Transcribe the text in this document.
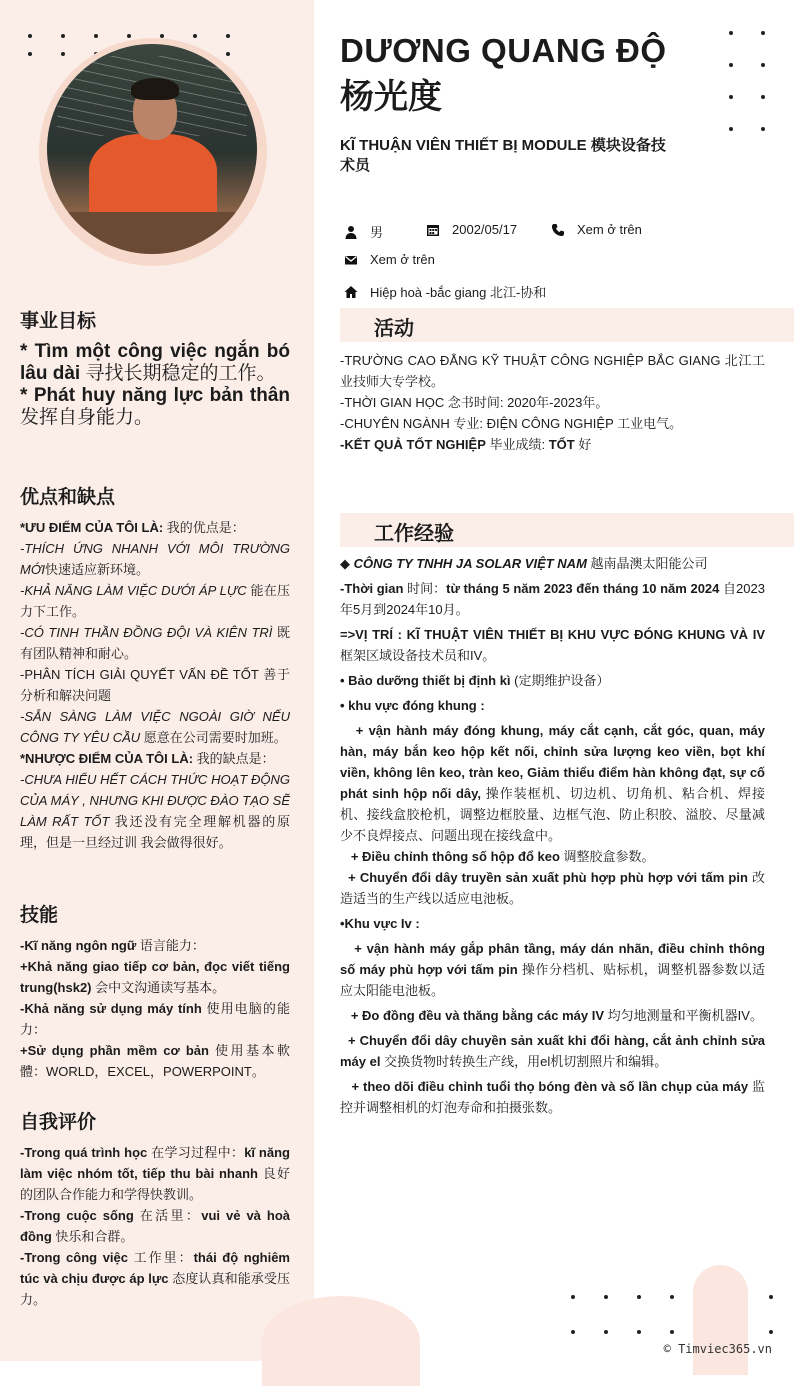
DƯƠNG QUANG ĐỘ
杨光度

KĨ THUẬN VIÊN THIẾT BỊ MODULE 模块设备技术员

男	2002/05/17	Xem ở trên
Xem ở trên
Hiệp hoà -bắc giang 北江-协和
事业目标

* Tìm một công việc ngắn bó lâu dài 寻找长期稳定的工作。

* Phát huy năng lực bản thân 发挥自身能力。

优点和缺点

*ƯU ĐIỂM CỦA TÔI LÀ: 我的优点是：

-THÍCH ỨNG NHANH VỚI MÔI TRƯỜNG MỚI快速适应新环境。

-KHẢ NĂNG LÀM VIỆC DƯỚI ÁP LỰC 能在压力下工作。

-CÓ TINH THẦN ĐỒNG ĐỘI VÀ KIÊN TRÌ 既有团队精神和耐心。

-PHÂN TÍCH GIẢI QUYẾT VẤN ĐỀ TỐT 善于分析和解决问题

-SẴN SÀNG LÀM VIỆC NGOÀI GIỜ NẾU CÔNG TY YÊU CẦU 愿意在公司需要时加班。

*NHƯỢC ĐIỂM CỦA TÔI LÀ: 我的缺点是：

-CHƯA HIỂU HẾT CÁCH THỨC HOẠT ĐỘNG CỦA MÁY , NHƯNG KHI ĐƯỢC ĐÀO TẠO SẼ LÀM RẤT TỐT 我还没有完全理解机器的原理，但是一旦经过训 我会做得很好。

技能

-Kĩ năng ngôn ngữ 语言能力：

+Khả năng giao tiếp cơ bản, đọc viết tiếng trung(hsk2) 会中文沟通读写基本。

-Khả năng sử dụng máy tính 使用电脑的能力：

+Sử dụng phần mềm cơ bản 使用基本軟體：WORLD，EXCEL，POWERPOINT。

自我评价

-Trong quá trình học 在学习过程中：kĩ năng làm việc nhóm tốt, tiếp thu bài nhanh 良好的团队合作能力和学得快教训。

-Trong cuộc sống 在活里：vui vẻ và hoà đồng 快乐和合群。

-Trong công việc 工作里：thái độ nghiêm túc và chịu được áp lực 态度认真和能承受压力。

活动

-TRƯỜNG CAO ĐẲNG KỸ THUẬT CÔNG NGHIỆP BẮC GIANG 北江工业技师大专学校。

-THỜI GIAN HỌC 念书时间: 2020年-2023年。

-CHUYÊN NGÀNH 专业: ĐIỆN CÔNG NGHIỆP 工业电气。

-KẾT QUẢ TỐT NGHIỆP 毕业成绩: TỐT 好

工作经验

◆ CÔNG TY TNHH JA SOLAR VIỆT NAM 越南晶澳太阳能公司

-Thời gian 时间：từ tháng 5 năm 2023 đến tháng 10 năm 2024 自2023年5月到2024年10月。

=>VỊ TRÍ : KĨ THUẬT VIÊN THIẾT BỊ KHU VỰC ĐÓNG KHUNG VÀ IV 框架区域设备技术员和IV。

• Bảo dưỡng thiết bị định kì (定期维护设备）

• khu vực đóng khung :

+ vận hành máy đóng khung, máy cắt cạnh, cắt góc, quan, máy hàn, máy bắn keo hộp kết nối, chỉnh sửa lượng keo viền, bọt khí viền, không lên keo, tràn keo, Giảm thiểu điểm hàn không đạt, sự cố phát sinh hộp nối dây, 操作装框机、切边机、切角机、粘合机、焊接机、接线盒胶枪机，调整边框胶量、边框气泡、防止积胶、溢胶、尽量减少不良焊接点、问题出现在接线盒中。

+ Điều chỉnh thông số hộp đổ keo 调整胶盒参数。

+ Chuyển đổi dây truyền sản xuất phù hợp phù hợp với tấm pin 改造适当的生产线以适应电池板。

•Khu vực Iv :

+ vận hành máy gắp phân tầng, máy dán nhãn, điều chỉnh thông số máy phù hợp với tấm pin 操作分档机、贴标机，调整机器参数以适应太阳能电池板。

+ Đo đồng đều và thăng bằng các máy IV 均匀地测量和平衡机器IV。

+ Chuyển đổi dây chuyền sản xuất khi đổi hàng, cắt ảnh chỉnh sửa máy el 交换货物时转换生产线，用el机切割照片和编辑。

+ theo dõi điều chỉnh tuổi thọ bóng đèn và số lần chụp của máy 监控并调整相机的灯泡寿命和拍摄张数。

© Timviec365.vn
